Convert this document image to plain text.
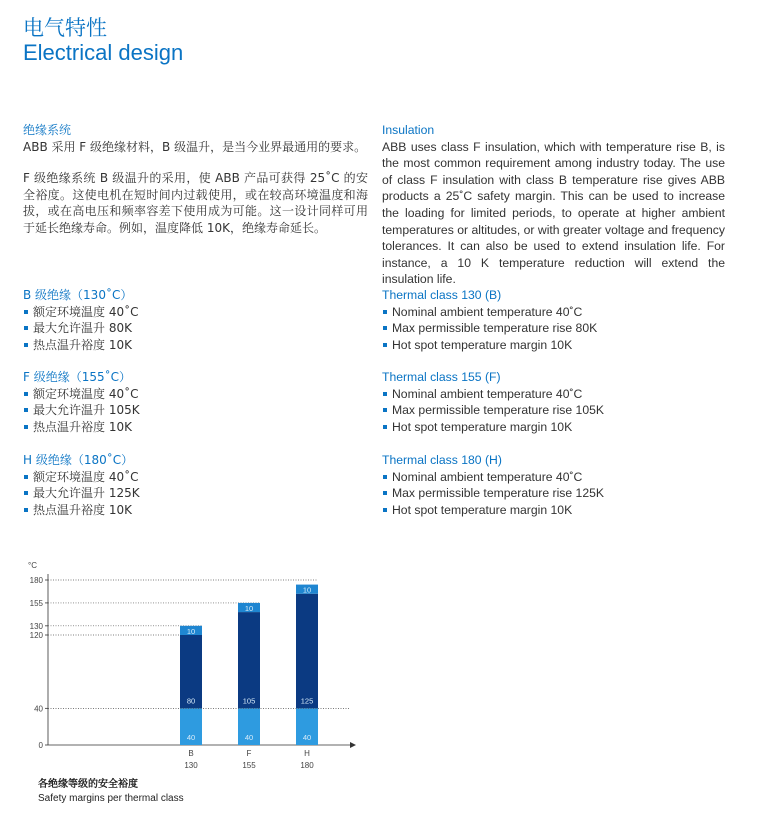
电气特性
Electrical design
绝缘系统

ABB 采用 F 级绝缘材料，B 级温升，是当今业界最通用的要求。

F 级绝缘系统 B 级温升的采用，使 ABB 产品可获得 25˚C 的安全裕度。这使电机在短时间内过载使用，或在较高环境温度和海拔，或在高电压和频率容差下使用成为可能。这一设计同样可用于延长绝缘寿命。例如，温度降低 10K，绝缘寿命延长。

Insulation

ABB uses class F insulation, which with temperature rise B, is the most common requirement among industry today. The use of class F insulation with class B temperature rise gives ABB products a 25˚C safety margin. This can be used to increase the loading for limited periods, to operate at higher ambient temperatures or altitudes, or with greater voltage and frequency tolerances. It can also be used to extend insulation life. For instance, a 10 K temperature reduction will extend the insulation life.

B 级绝缘（130˚C）
额定环境温度 40˚C
最大允许温升 80K
热点温升裕度 10K
Thermal class 130 (B)
Nominal ambient temperature 40˚C
Max permissible temperature rise 80K
Hot spot temperature margin 10K
F 级绝缘（155˚C）
额定环境温度 40˚C
最大允许温升 105K
热点温升裕度 10K
Thermal class 155 (F)
Nominal ambient temperature 40˚C
Max permissible temperature rise 105K
Hot spot temperature margin 10K
H 级绝缘（180˚C）
额定环境温度 40˚C
最大允许温升 125K
热点温升裕度 10K
Thermal class 180 (H)
Nominal ambient temperature 40˚C
Max permissible temperature rise 125K
Hot spot temperature margin 10K
°C
0
40
120
130
155
180
40
80
10
B
130
40
105
10
F
155
40
125
10
H
180
各绝缘等级的安全裕度
Safety margins per thermal class
